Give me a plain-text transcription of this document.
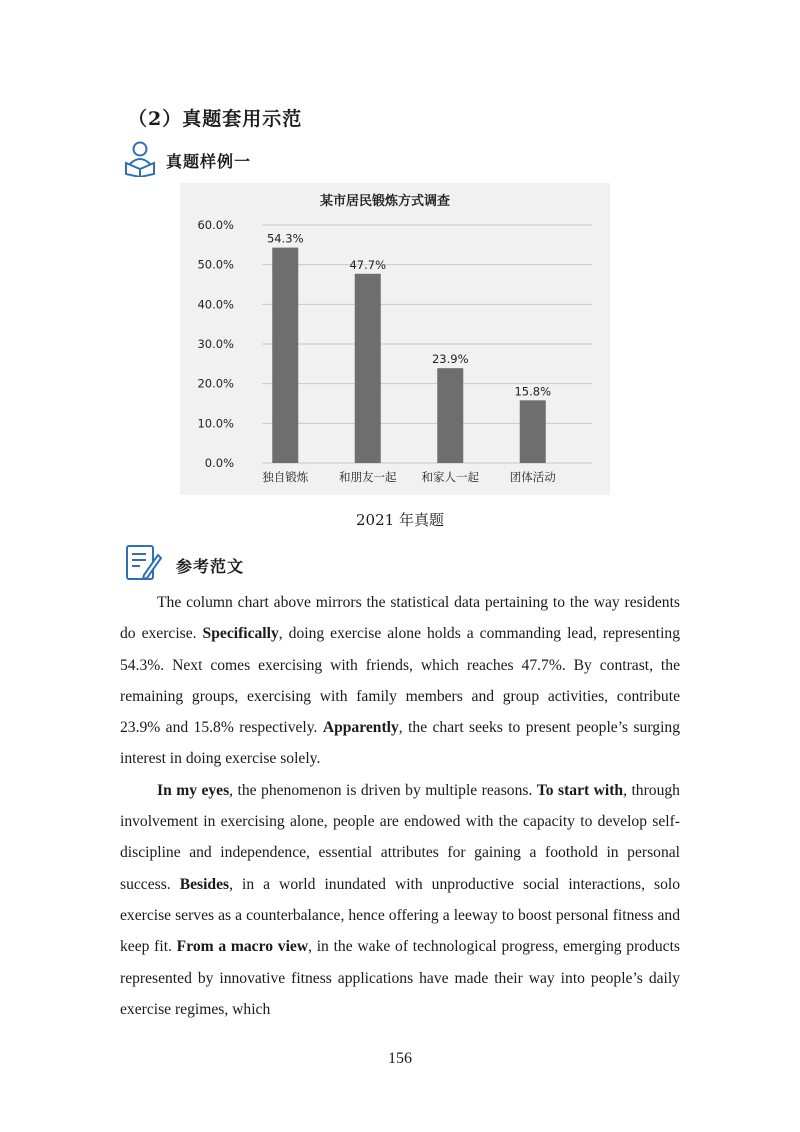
（2）真题套用示范
真题样例一
某市居民锻炼方式调查
0.0%
10.0%
20.0%
30.0%
40.0%
50.0%
60.0%
54.3%
独自锻炼
47.7%
和朋友一起
23.9%
和家人一起
15.8%
团体活动
2021 年真题
参考范文

The column chart above mirrors the statistical data pertaining to the way residents do exercise. Specifically, doing exercise alone holds a commanding lead, representing 54.3%. Next comes exercising with friends, which reaches 47.7%. By contrast, the remaining groups, exercising with family members and group activities, contribute 23.9% and 15.8% respectively. Apparently, the chart seeks to present people’s surging interest in doing exercise solely.

In my eyes, the phenomenon is driven by multiple reasons. To start with, through involvement in exercising alone, people are endowed with the capacity to develop self-discipline and independence, essential attributes for gaining a foothold in personal success. Besides, in a world inundated with unproductive social interactions, solo exercise serves as a counterbalance, hence offering a leeway to boost personal fitness and keep fit. From a macro view, in the wake of technological progress, emerging products represented by innovative fitness applications have made their way into people’s daily exercise regimes, which

156
